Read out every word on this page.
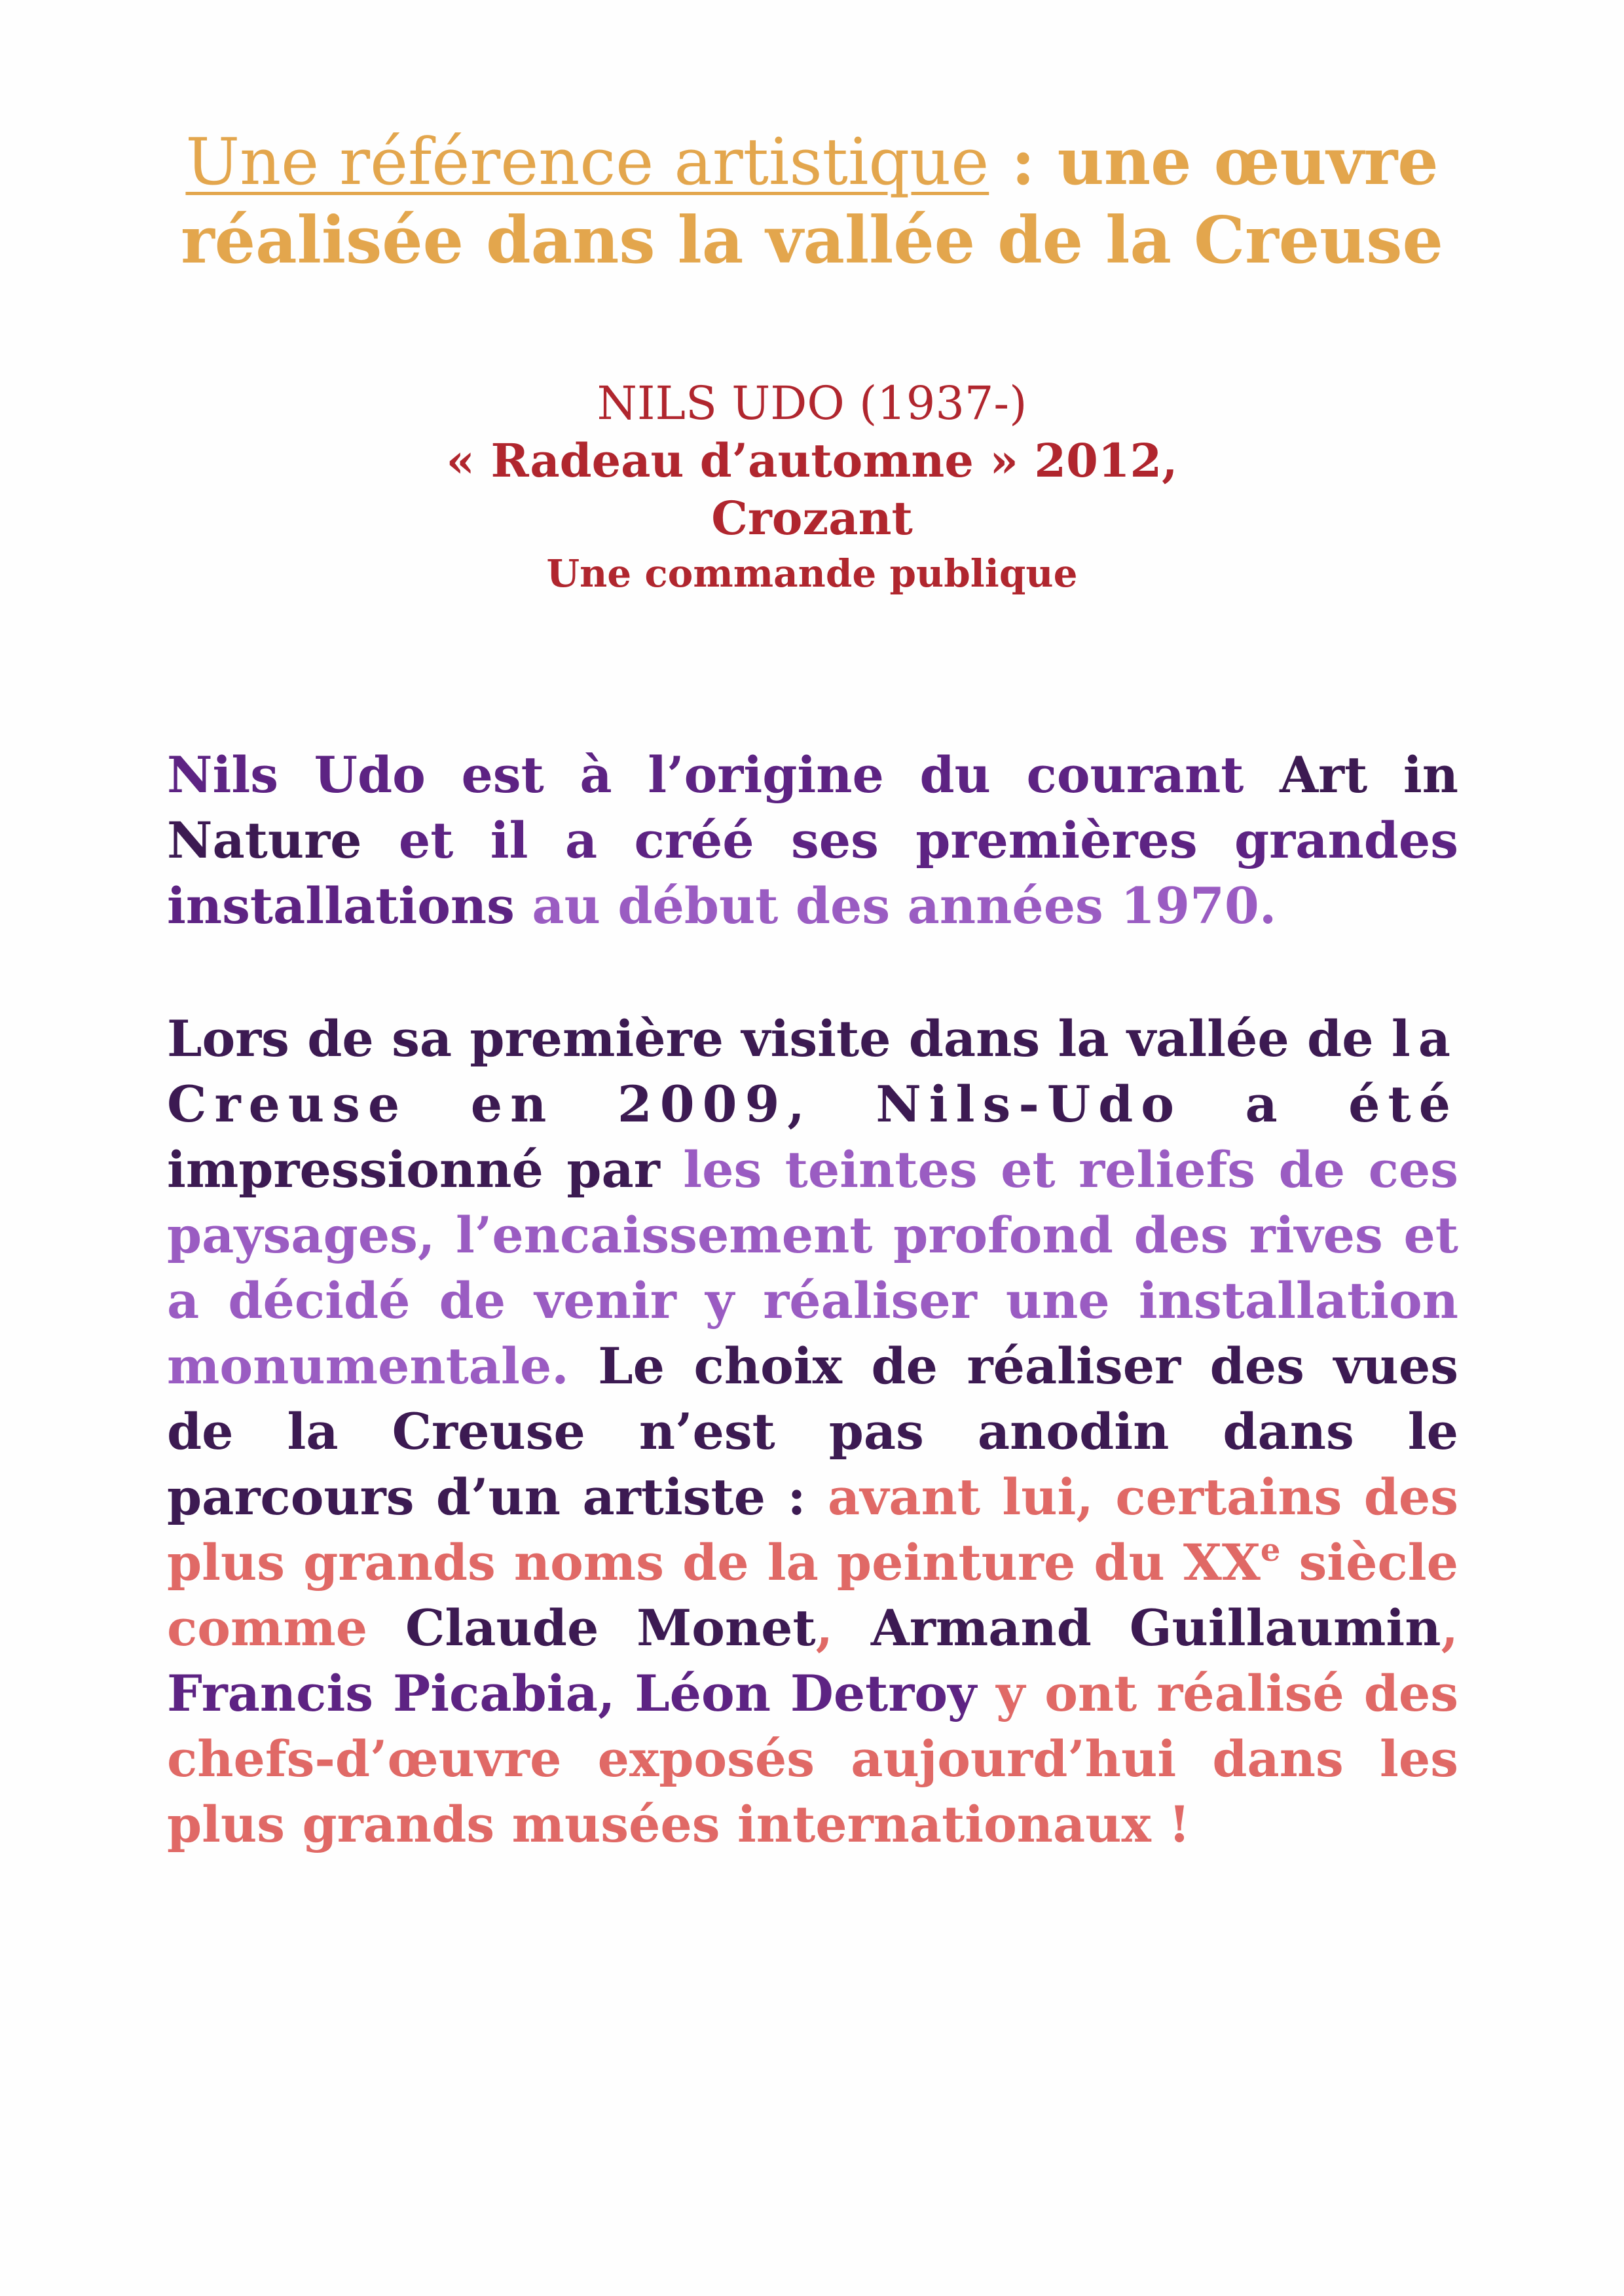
Une référence artistique : une œuvre
réalisée dans la vallée de la Creuse
NILS UDO (1937-)
« Radeau d’automne » 2012,
Crozant
Une commande publique

Nils Udo est à l’origine du courant Art in Nature et il a créé ses premières grandes installations au début des années 1970.

Lors de sa première visite dans la vallée de la Creuse en 2009, Nils-Udo a été impressionné par les teintes et reliefs de ces paysages, l’encaissement profond des rives et a décidé de venir y réaliser une installation monumentale. Le choix de réaliser des vues de la Creuse n’est pas anodin dans le parcours d’un artiste : avant lui, certains des plus grands noms de la peinture du XXe siècle comme Claude Monet, Armand Guillaumin, Francis Picabia, Léon Detroy y ont réalisé des chefs-d’œuvre exposés aujourd’hui dans les plus grands musées internationaux !
